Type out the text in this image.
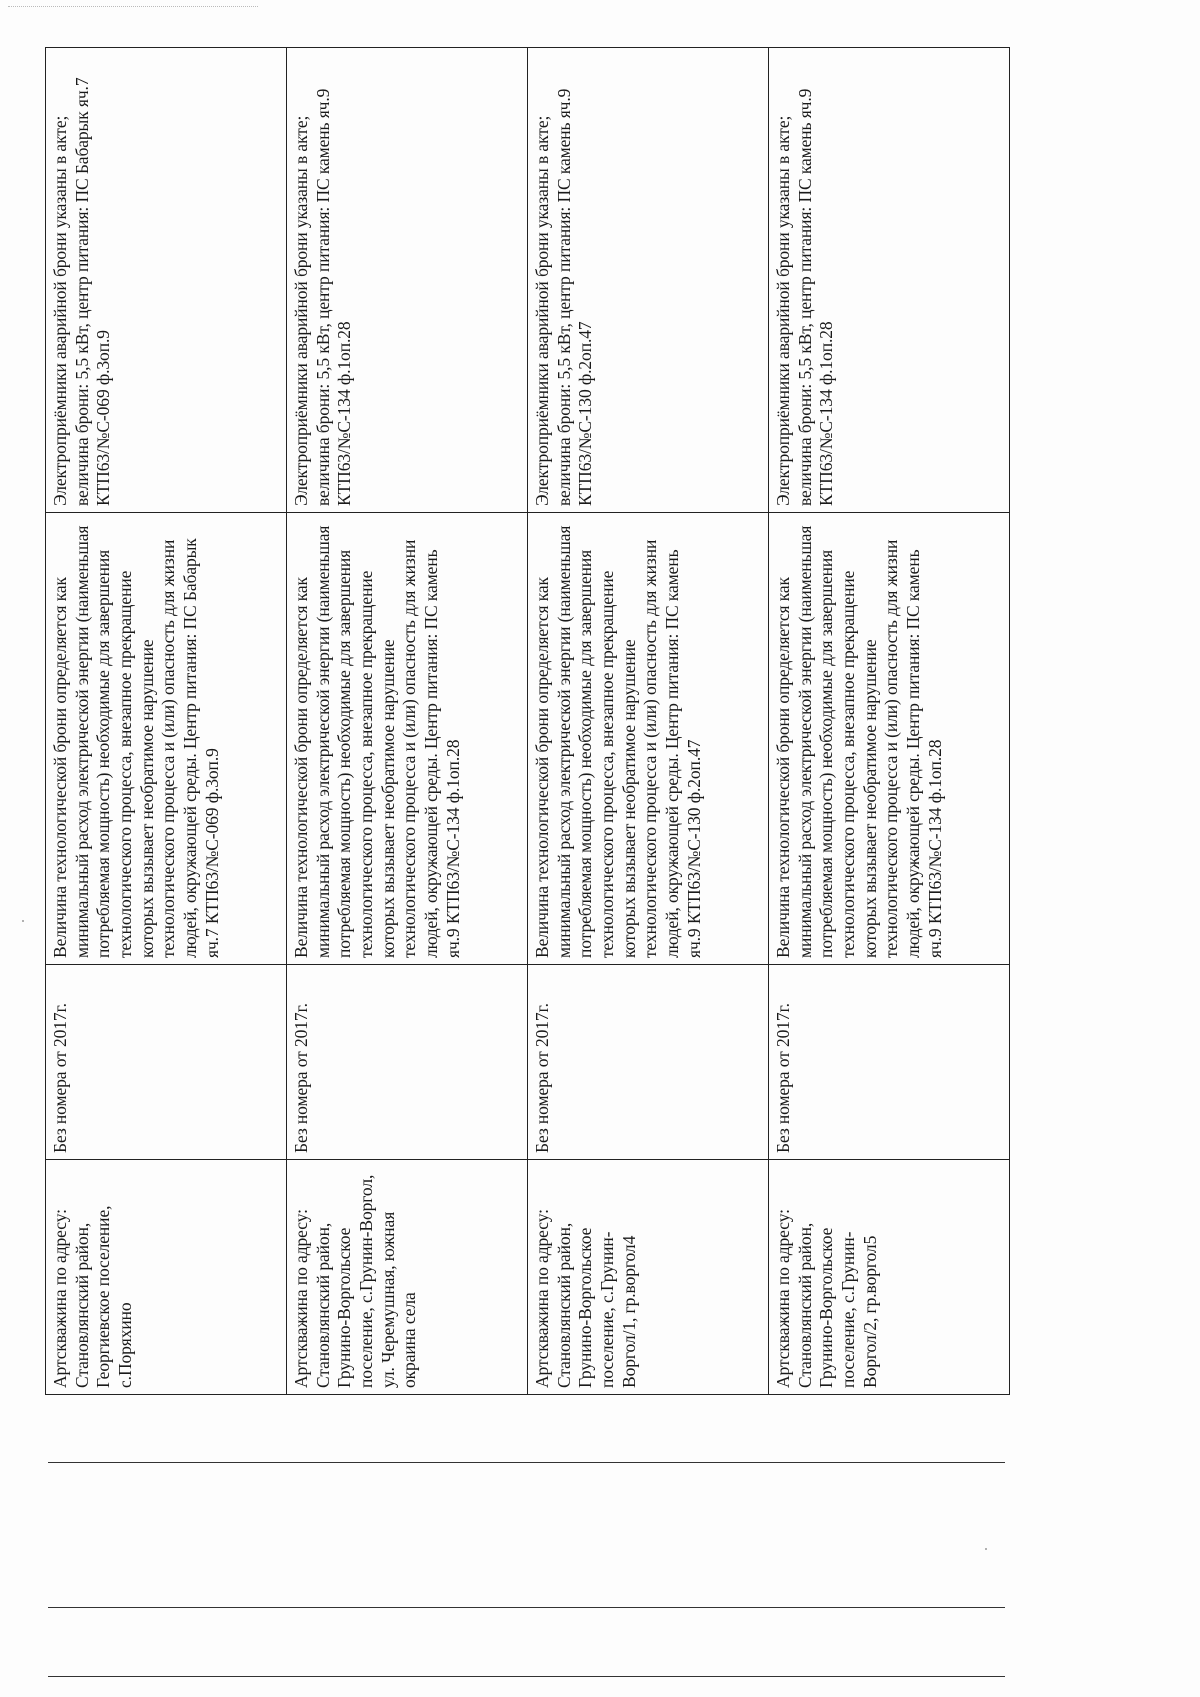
Артскважина по адресу: Становлянский район, Георгиевское поселение, с.Поряхино	Без номера от 2017г.	Величина технологической брони определяется как минимальный расход электрической энергии (наименьшая потребляемая мощность) необходимые для завершения технологического процесса, внезапное прекращение которых вызывает необратимое нарушение технологического процесса и (или) опасность для жизни людей, окружающей среды. Центр питания: ПС Бабарык яч.7 КТП63/№С-069 ф.3оп.9	Электроприёмники аварийной брони указаны в акте; величина брони: 5,5 кВт, центр питания: ПС Бабарык яч.7 КТП63/№С-069 ф.3оп.9
Артскважина по адресу: Становлянский район, Грунино-Воргольское поселение, с.Грунин-Воргол, ул. Черемушная, южная окраина села	Без номера от 2017г.	Величина технологической брони определяется как минимальный расход электрической энергии (наименьшая потребляемая мощность) необходимые для завершения технологического процесса, внезапное прекращение которых вызывает необратимое нарушение технологического процесса и (или) опасность для жизни людей, окружающей среды. Центр питания: ПС камень яч.9 КТП63/№С-134 ф.1оп.28	Электроприёмники аварийной брони указаны в акте; величина брони: 5,5 кВт, центр питания: ПС камень яч.9 КТП63/№С-134 ф.1оп.28
Артскважина по адресу: Становлянский район, Грунино-Воргольское поселение, с.Грунин-Воргол/1, гр.воргол4	Без номера от 2017г.	Величина технологической брони определяется как минимальный расход электрической энергии (наименьшая потребляемая мощность) необходимые для завершения технологического процесса, внезапное прекращение которых вызывает необратимое нарушение технологического процесса и (или) опасность для жизни людей, окружающей среды. Центр питания: ПС камень яч.9 КТП63/№С-130 ф.2оп.47	Электроприёмники аварийной брони указаны в акте; величина брони: 5,5 кВт, центр питания: ПС камень яч.9 КТП63/№С-130 ф.2оп.47
Артскважина по адресу: Становлянский район, Грунино-Воргольское поселение, с.Грунин-Воргол/2, гр.воргол5	Без номера от 2017г.	Величина технологической брони определяется как минимальный расход электрической энергии (наименьшая потребляемая мощность) необходимые для завершения технологического процесса, внезапное прекращение которых вызывает необратимое нарушение технологического процесса и (или) опасность для жизни людей, окружающей среды. Центр питания: ПС камень яч.9 КТП63/№С-134 ф.1оп.28	Электроприёмники аварийной брони указаны в акте; величина брони: 5,5 кВт, центр питания: ПС камень яч.9 КТП63/№С-134 ф.1оп.28
